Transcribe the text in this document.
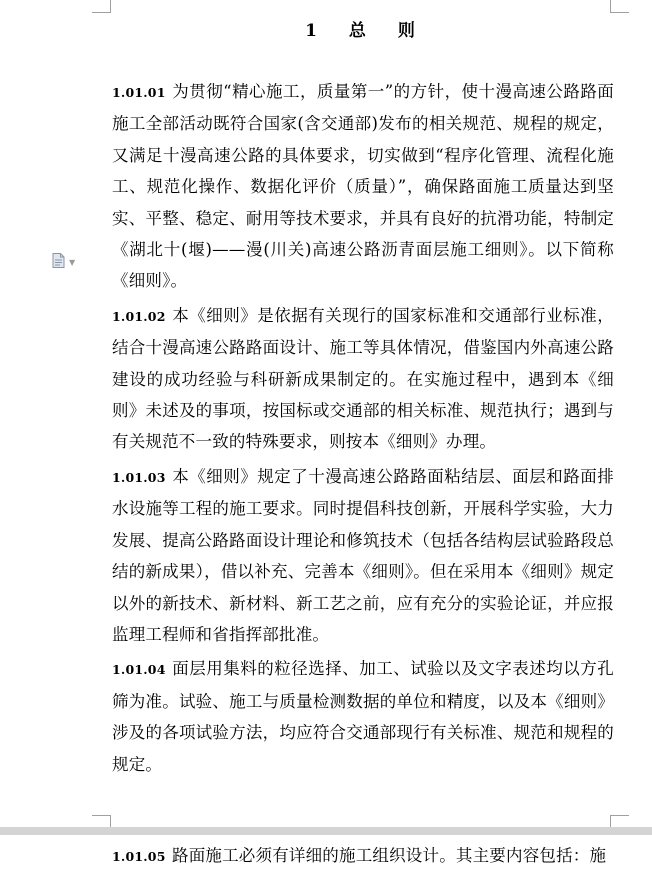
1 总 则
▼

1.01.01 为贯彻“精心施工，质量第一”的方针，使十漫高速公路路面施工全部活动既符合国家(含交通部)发布的相关规范、规程的规定，又满足十漫高速公路的具体要求，切实做到“程序化管理、流程化施工、规范化操作、数据化评价（质量）”，确保路面施工质量达到坚实、平整、稳定、耐用等技术要求，并具有良好的抗滑功能，特制定《湖北十(堰)——漫(川关)高速公路沥青面层施工细则》。以下简称《细则》。

1.01.02 本《细则》是依据有关现行的国家标准和交通部行业标准，结合十漫高速公路路面设计、施工等具体情况，借鉴国内外高速公路建设的成功经验与科研新成果制定的。在实施过程中，遇到本《细则》未述及的事项，按国标或交通部的相关标准、规范执行；遇到与有关规范不一致的特殊要求，则按本《细则》办理。

1.01.03 本《细则》规定了十漫高速公路路面粘结层、面层和路面排水设施等工程的施工要求。同时提倡科技创新，开展科学实验，大力发展、提高公路路面设计理论和修筑技术（包括各结构层试验路段总结的新成果），借以补充、完善本《细则》。但在采用本《细则》规定以外的新技术、新材料、新工艺之前，应有充分的实验论证，并应报监理工程师和省指挥部批准。

1.01.04 面层用集料的粒径选择、加工、试验以及文字表述均以方孔筛为准。试验、施工与质量检测数据的单位和精度，以及本《细则》涉及的各项试验方法，均应符合交通部现行有关标准、规范和规程的规定。

1.01.05 路面施工必须有详细的施工组织设计。其主要内容包括：施
